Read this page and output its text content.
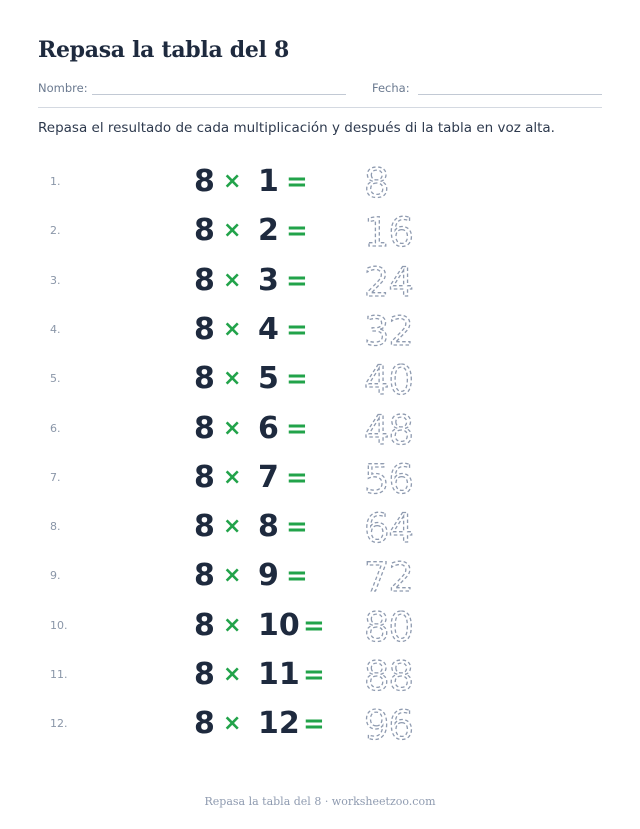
Repasa la tabla del 8
Nombre:	Fecha:

Repasa el resultado de cada multiplicación y después di la tabla en voz alta.

1.	8 × 1 = 8
2.	8 × 2 = 16
3.	8 × 3 = 24
4.	8 × 4 = 32
5.	8 × 5 = 40
6.	8 × 6 = 48
7.	8 × 7 = 56
8.	8 × 8 = 64
9.	8 × 9 = 72
10.	8 × 10 = 80
11.	8 × 11 = 88
12.	8 × 12 = 96
Repasa la tabla del 8 · worksheetzoo.com
